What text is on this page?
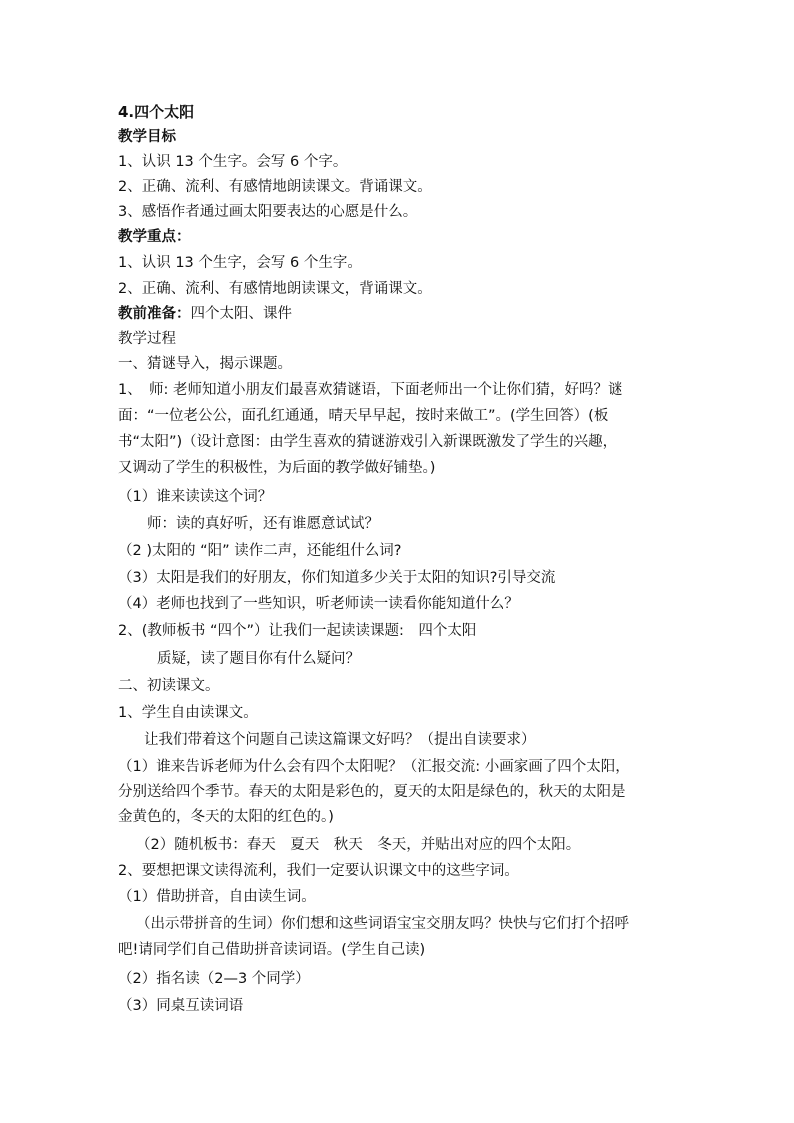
4.四个太阳
教学目标
1、认识 13 个生字。会写 6 个字。
2、正确、流利、有感情地朗读课文。背诵课文。
3、感悟作者通过画太阳要表达的心愿是什么。
教学重点：
1、认识 13 个生字，会写 6 个生字。
2、正确、流利、有感情地朗读课文，背诵课文。
教前准备：四个太阳、课件
教学过程
一、猜谜导入，揭示课题。
1、　师: 老师知道小朋友们最喜欢猜谜语，下面老师出一个让你们猜，好吗？谜
面：“一位老公公，面孔红通通，晴天早早起，按时来做工”。(学生回答）(板
书“太阳”)（设计意图：由学生喜欢的猜谜游戏引入新课既激发了学生的兴趣，
又调动了学生的积极性，为后面的教学做好铺垫。)
（1）谁来读读这个词？
师：读的真好听，还有谁愿意试试？
（2 )太阳的 “阳” 读作二声，还能组什么词?
（3）太阳是我们的好朋友，你们知道多少关于太阳的知识?引导交流
（4）老师也找到了一些知识，听老师读一读看你能知道什么？
2、(教师板书 “四个”）让我们一起读读课题:　四个太阳
质疑，读了题目你有什么疑问？
二、初读课文。
1、学生自由读课文。
让我们带着这个问题自己读这篇课文好吗？（提出自读要求）
（1）谁来告诉老师为什么会有四个太阳呢？（汇报交流: 小画家画了四个太阳，
分别送给四个季节。春天的太阳是彩色的，夏天的太阳是绿色的，秋天的太阳是
金黄色的，冬天的太阳的红色的。)
（2）随机板书：春天　夏天　秋天　冬天，并贴出对应的四个太阳。
2、要想把课文读得流利，我们一定要认识课文中的这些字词。
（1）借助拼音，自由读生词。
（出示带拼音的生词）你们想和这些词语宝宝交朋友吗？快快与它们打个招呼
吧!请同学们自己借助拼音读词语。(学生自己读)
（2）指名读（2—3 个同学）
（3）同桌互读词语
